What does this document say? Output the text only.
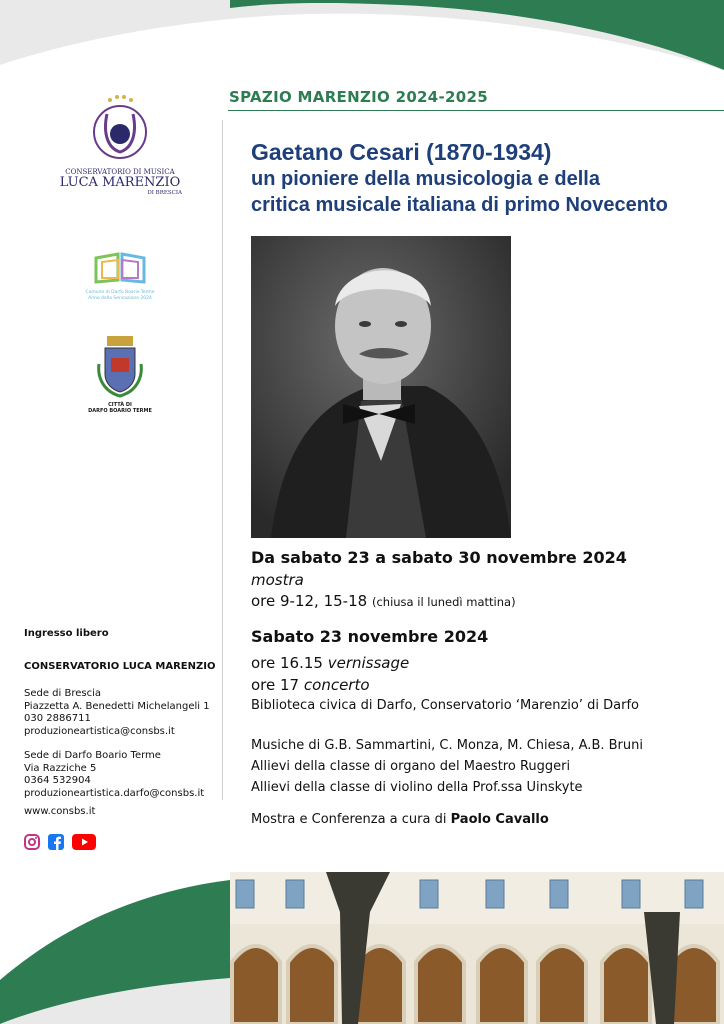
SPAZIO MARENZIO 2024-2025
Gaetano Cesari (1870-1934)
un pioniere della musicologia e della
critica musicale italiana di primo Novecento
CONSERVATORIO DI MUSICA
LUCA MARENZIO
DI BRESCIA
Comune di Darfo Boario Terme
Anno della Sensazione 2024
CITTÀ DI
DARFO BOARIO TERME
Da sabato 23 a sabato 30 novembre 2024
mostra
ore 9-12, 15-18 (chiusa il lunedì mattina)
Sabato 23 novembre 2024
ore 16.15 vernissage
ore 17 concerto
Biblioteca civica di Darfo, Conservatorio ‘Marenzio’ di Darfo
Musiche di G.B. Sammartini, C. Monza, M. Chiesa, A.B. Bruni
Allievi della classe di organo del Maestro Ruggeri
Allievi della classe di violino della Prof.ssa Uinskyte
Mostra e Conferenza a cura di Paolo Cavallo
Ingresso libero
CONSERVATORIO LUCA MARENZIO
Sede di Brescia
Piazzetta A. Benedetti Michelangeli 1
030 2886711
produzioneartistica@consbs.it
Sede di Darfo Boario Terme
Via Razziche 5
0364 532904
produzioneartistica.darfo@consbs.it
www.consbs.it
